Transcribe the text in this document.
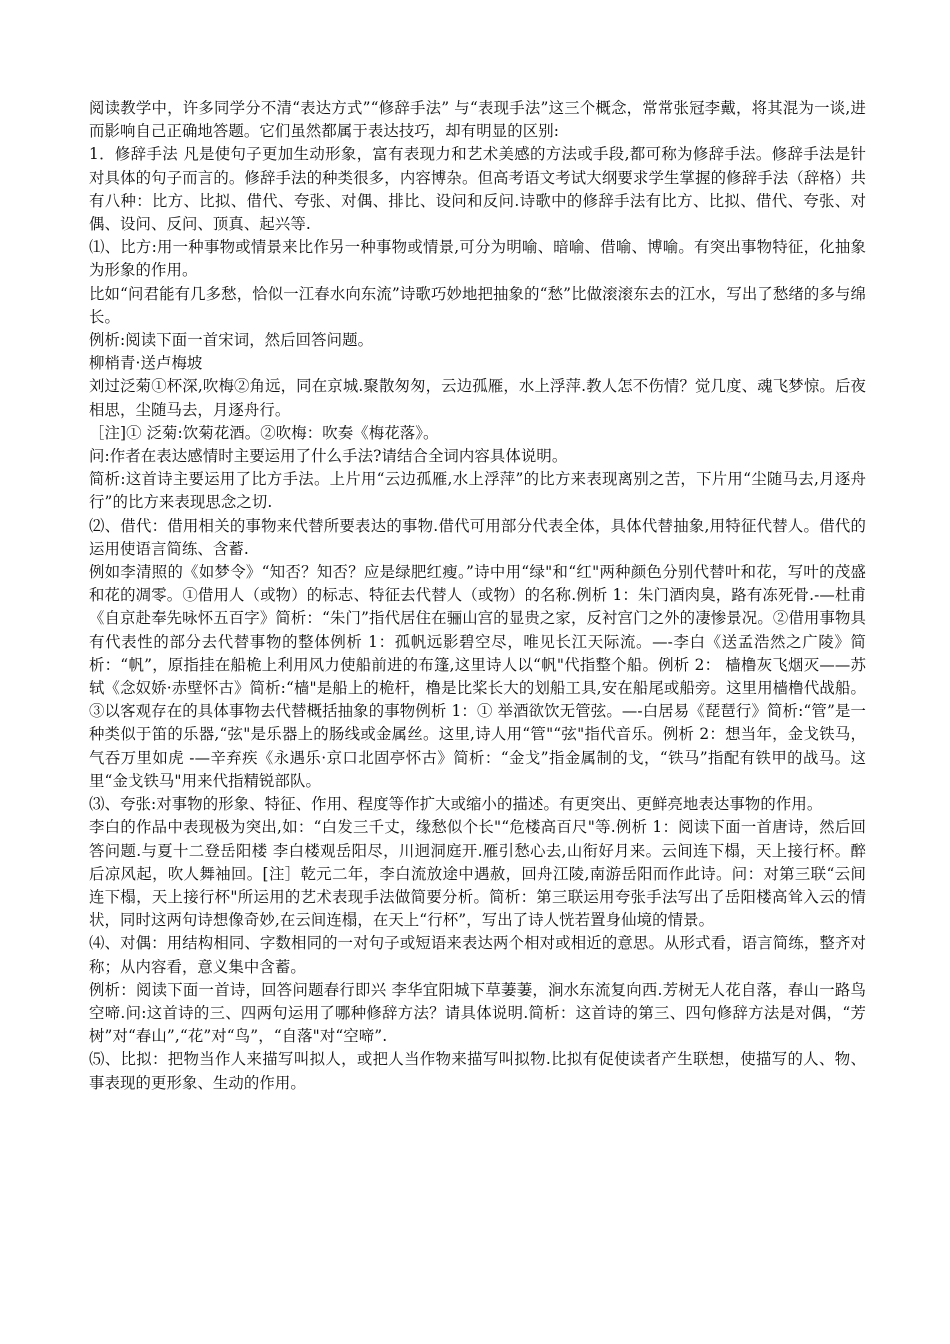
阅读教学中，许多同学分不清“表达方式”“修辞手法” 与“表现手法”这三个概念，常常张冠李戴，将其混为一谈,进而影响自己正确地答题。它们虽然都属于表达技巧，却有明显的区别:

1．修辞手法 凡是使句子更加生动形象，富有表现力和艺术美感的方法或手段,都可称为修辞手法。修辞手法是针对具体的句子而言的。修辞手法的种类很多，内容博杂。但高考语文考试大纲要求学生掌握的修辞手法（辞格）共有八种：比方、比拟、借代、夸张、对偶、排比、设问和反问.诗歌中的修辞手法有比方、比拟、借代、夸张、对偶、设问、反问、顶真、起兴等.

⑴、比方:用一种事物或情景来比作另一种事物或情景,可分为明喻、暗喻、借喻、博喻。有突出事物特征，化抽象为形象的作用。

比如“问君能有几多愁，恰似一江春水向东流”诗歌巧妙地把抽象的“愁”比做滚滚东去的江水，写出了愁绪的多与绵长。

例析:阅读下面一首宋词，然后回答问题。

柳梢青·送卢梅坡

刘过泛菊①杯深,吹梅②角远，同在京城.聚散匆匆，云边孤雁，水上浮萍.教人怎不伤情？觉几度、魂飞梦惊。后夜相思，尘随马去，月逐舟行。

［注]① 泛菊:饮菊花酒。②吹梅：吹奏《梅花落》。

问:作者在表达感情时主要运用了什么手法?请结合全词内容具体说明。

简析:这首诗主要运用了比方手法。上片用“云边孤雁,水上浮萍”的比方来表现离别之苦，下片用“尘随马去,月逐舟行”的比方来表现思念之切.

⑵、借代：借用相关的事物来代替所要表达的事物.借代可用部分代表全体，具体代替抽象,用特征代替人。借代的运用使语言简练、含蓄.

例如李清照的《如梦令》“知否？知否？应是绿肥红瘦。”诗中用“绿"和“红"两种颜色分别代替叶和花，写叶的茂盛和花的凋零。①借用人（或物）的标志、特征去代替人（或物）的名称.例析 1：朱门酒肉臭，路有冻死骨.-—杜甫《自京赴奉先咏怀五百字》简析：“朱门”指代居住在骊山宫的显贵之家，反衬宫门之外的凄惨景况。②借用事物具有代表性的部分去代替事物的整体例析 1：孤帆远影碧空尽，唯见长江天际流。—-李白《送孟浩然之广陵》简析：“帆”，原指挂在船桅上利用风力使船前进的布篷,这里诗人以“帆"代指整个船。例析 2： 樯橹灰飞烟灭——苏轼《念奴娇·赤壁怀古》简析:“樯"是船上的桅杆，橹是比桨长大的划船工具,安在船尾或船旁。这里用樯橹代战船。③以客观存在的具体事物去代替概括抽象的事物例析 1：① 举酒欲饮无管弦。—-白居易《琵琶行》简析:“管”是一种类似于笛的乐器,“弦"是乐器上的肠线或金属丝。这里,诗人用“管"“弦"指代音乐。例析 2：想当年，金戈铁马，气吞万里如虎 -—辛弃疾《永遇乐·京口北固亭怀古》简析：“金戈”指金属制的戈，“铁马”指配有铁甲的战马。这里“金戈铁马"用来代指精锐部队。

⑶、夸张:对事物的形象、特征、作用、程度等作扩大或缩小的描述。有更突出、更鲜亮地表达事物的作用。

李白的作品中表现极为突出,如：“白发三千丈，缘愁似个长"“危楼高百尺"等.例析 1：阅读下面一首唐诗，然后回答问题.与夏十二登岳阳楼 李白楼观岳阳尽，川迥洞庭开.雁引愁心去,山衔好月来。云间连下榻，天上接行杯。醉后凉风起，吹人舞袖回。[注］乾元二年，李白流放途中遇赦，回舟江陵,南游岳阳而作此诗。问：对第三联“云间连下榻，天上接行杯"所运用的艺术表现手法做简要分析。简析：第三联运用夸张手法写出了岳阳楼高耸入云的情状，同时这两句诗想像奇妙,在云间连榻，在天上“行杯”，写出了诗人恍若置身仙境的情景。

⑷、对偶：用结构相同、字数相同的一对句子或短语来表达两个相对或相近的意思。从形式看，语言简练，整齐对称；从内容看，意义集中含蓄。

例析：阅读下面一首诗，回答问题春行即兴 李华宜阳城下草萋萋，涧水东流复向西.芳树无人花自落，春山一路鸟空啼.问:这首诗的三、四两句运用了哪种修辞方法？请具体说明.简析：这首诗的第三、四句修辞方法是对偶，“芳树”对“春山”,“花”对“鸟”，“自落"对“空啼”.

⑸、比拟：把物当作人来描写叫拟人，或把人当作物来描写叫拟物.比拟有促使读者产生联想，使描写的人、物、事表现的更形象、生动的作用。
